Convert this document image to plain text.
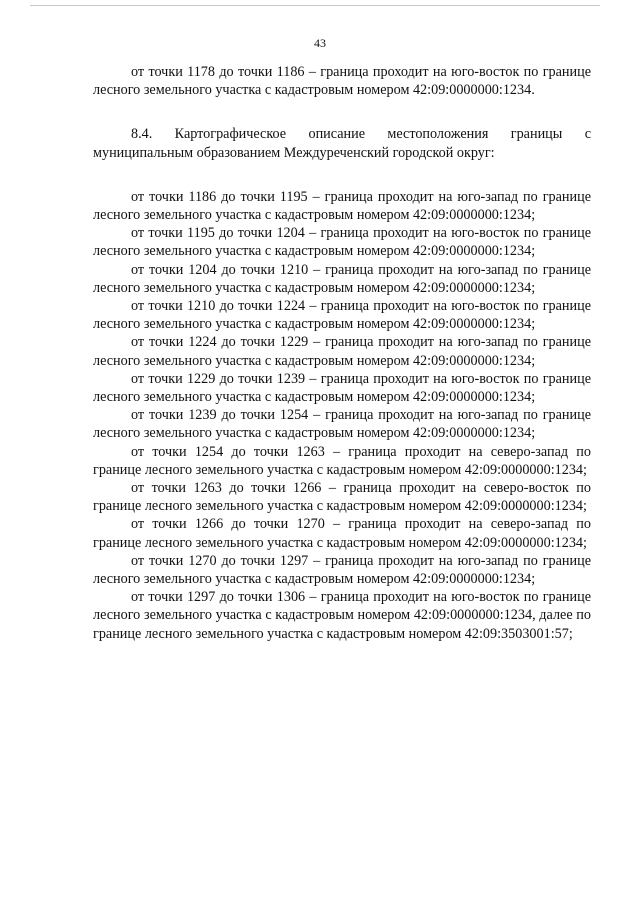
43

от точки 1178 до точки 1186 – граница проходит на юго-восток по границе лесного земельного участка с кадастровым номером 42:09:0000000:1234.

8.4. Картографическое описание местоположения границы с муниципальным образованием Междуреченский городской округ:

от точки 1186 до точки 1195 – граница проходит на юго-запад по границе лесного земельного участка с кадастровым номером 42:09:0000000:1234;

от точки 1195 до точки 1204 – граница проходит на юго-восток по границе лесного земельного участка с кадастровым номером 42:09:0000000:1234;

от точки 1204 до точки 1210 – граница проходит на юго-запад по границе лесного земельного участка с кадастровым номером 42:09:0000000:1234;

от точки 1210 до точки 1224 – граница проходит на юго-восток по границе лесного земельного участка с кадастровым номером 42:09:0000000:1234;

от точки 1224 до точки 1229 – граница проходит на юго-запад по границе лесного земельного участка с кадастровым номером 42:09:0000000:1234;

от точки 1229 до точки 1239 – граница проходит на юго-восток по границе лесного земельного участка с кадастровым номером 42:09:0000000:1234;

от точки 1239 до точки 1254 – граница проходит на юго-запад по границе лесного земельного участка с кадастровым номером 42:09:0000000:1234;

от точки 1254 до точки 1263 – граница проходит на северо-запад по границе лесного земельного участка с кадастровым номером 42:09:0000000:1234;

от точки 1263 до точки 1266 – граница проходит на северо-восток по границе лесного земельного участка с кадастровым номером 42:09:0000000:1234;

от точки 1266 до точки 1270 – граница проходит на северо-запад по границе лесного земельного участка с кадастровым номером 42:09:0000000:1234;

от точки 1270 до точки 1297 – граница проходит на юго-запад по границе лесного земельного участка с кадастровым номером 42:09:0000000:1234;

от точки 1297 до точки 1306 – граница проходит на юго-восток по границе лесного земельного участка с кадастровым номером 42:09:0000000:1234, далее по границе лесного земельного участка с кадастровым номером 42:09:3503001:57;
